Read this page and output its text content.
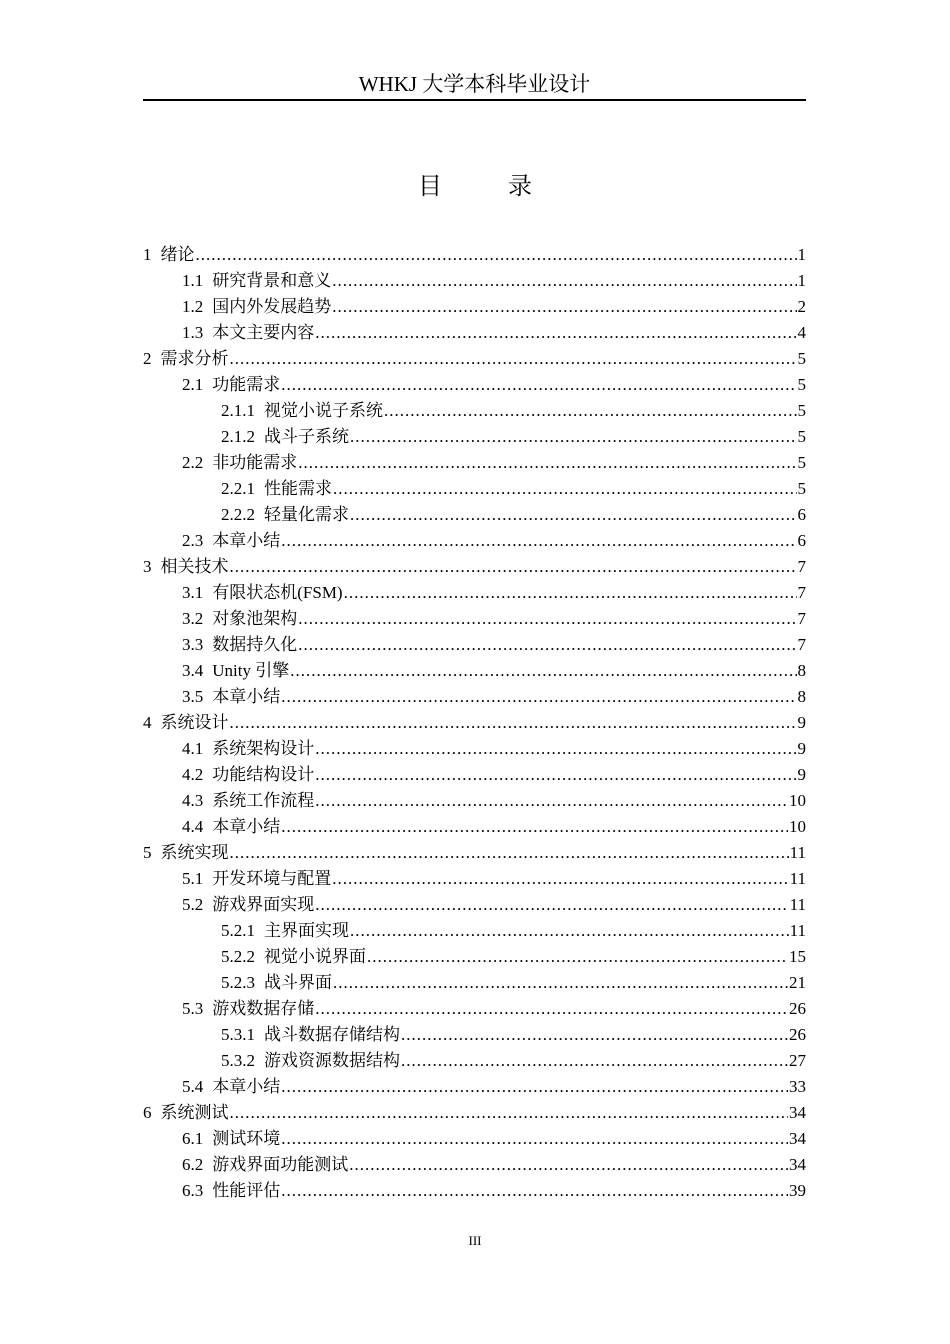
WHKJ 大学本科毕业设计
目 录
1 绪论 .....	1
1.1 研究背景和意义 .....	1
1.2 国内外发展趋势 .....	2
1.3 本文主要内容 .....	4
2 需求分析 .....	5
2.1 功能需求 .....	5
2.1.1 视觉小说子系统 .....	5
2.1.2 战斗子系统 .....	5
2.2 非功能需求 .....	5
2.2.1 性能需求 .....	5
2.2.2 轻量化需求 .....	6
2.3 本章小结 .....	6
3 相关技术 .....	7
3.1 有限状态机(FSM) .....	7
3.2 对象池架构 .....	7
3.3 数据持久化 .....	7
3.4 Unity 引擎 .....	8
3.5 本章小结 .....	8
4 系统设计 .....	9
4.1 系统架构设计 .....	9
4.2 功能结构设计 .....	9
4.3 系统工作流程 .....	10
4.4 本章小结 .....	10
5 系统实现 .....	11
5.1 开发环境与配置 .....	11
5.2 游戏界面实现 .....	11
5.2.1 主界面实现 .....	11
5.2.2 视觉小说界面 .....	15
5.2.3 战斗界面 .....	21
5.3 游戏数据存储 .....	26
5.3.1 战斗数据存储结构 .....	26
5.3.2 游戏资源数据结构 .....	27
5.4 本章小结 .....	33
6 系统测试 .....	34
6.1 测试环境 .....	34
6.2 游戏界面功能测试 .....	34
6.3 性能评估 .....	39
III
